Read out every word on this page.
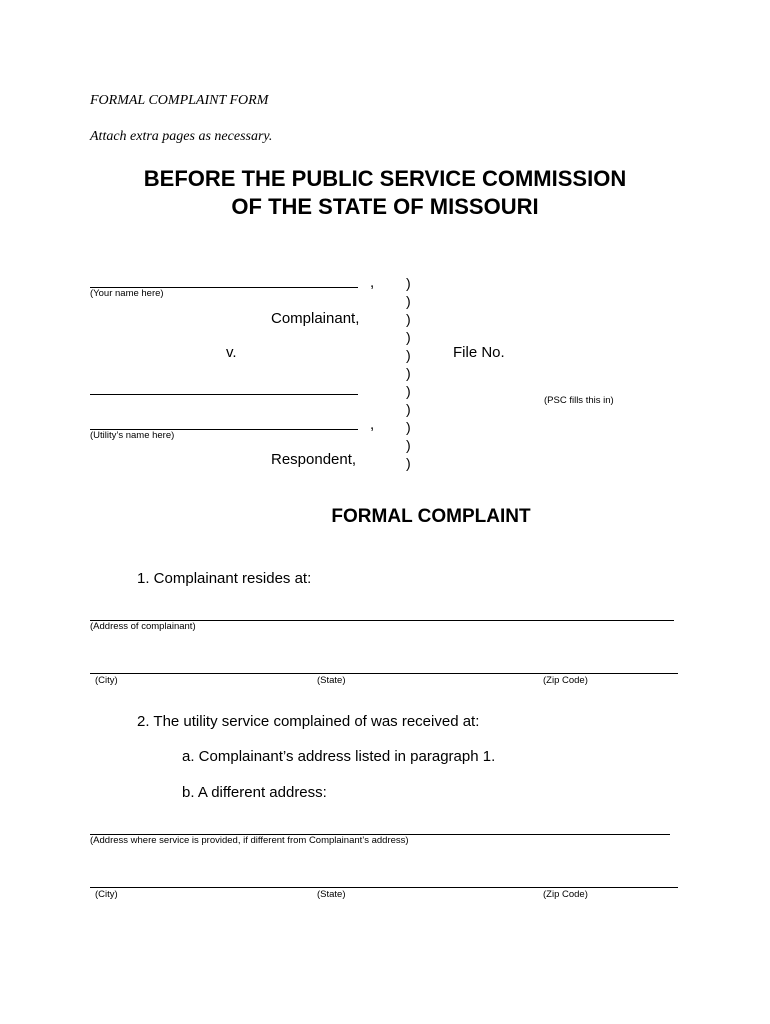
FORMAL COMPLAINT FORM
Attach extra pages as necessary.
BEFORE THE PUBLIC SERVICE COMMISSION
OF THE STATE OF MISSOURI
,
(Your name here)
Complainant,
v.
,
(Utility’s name here)
Respondent,
)
)
)
)
)
)
)
)
)
)
)
File No.
(PSC fills this in)
FORMAL COMPLAINT
1. Complainant resides at:
(Address of complainant)
(City)	(State)	(Zip Code)
2. The utility service complained of was received at:
a. Complainant’s address listed in paragraph 1.
b. A different address:
(Address where service is provided, if different from Complainant’s address)
(City)	(State)	(Zip Code)
